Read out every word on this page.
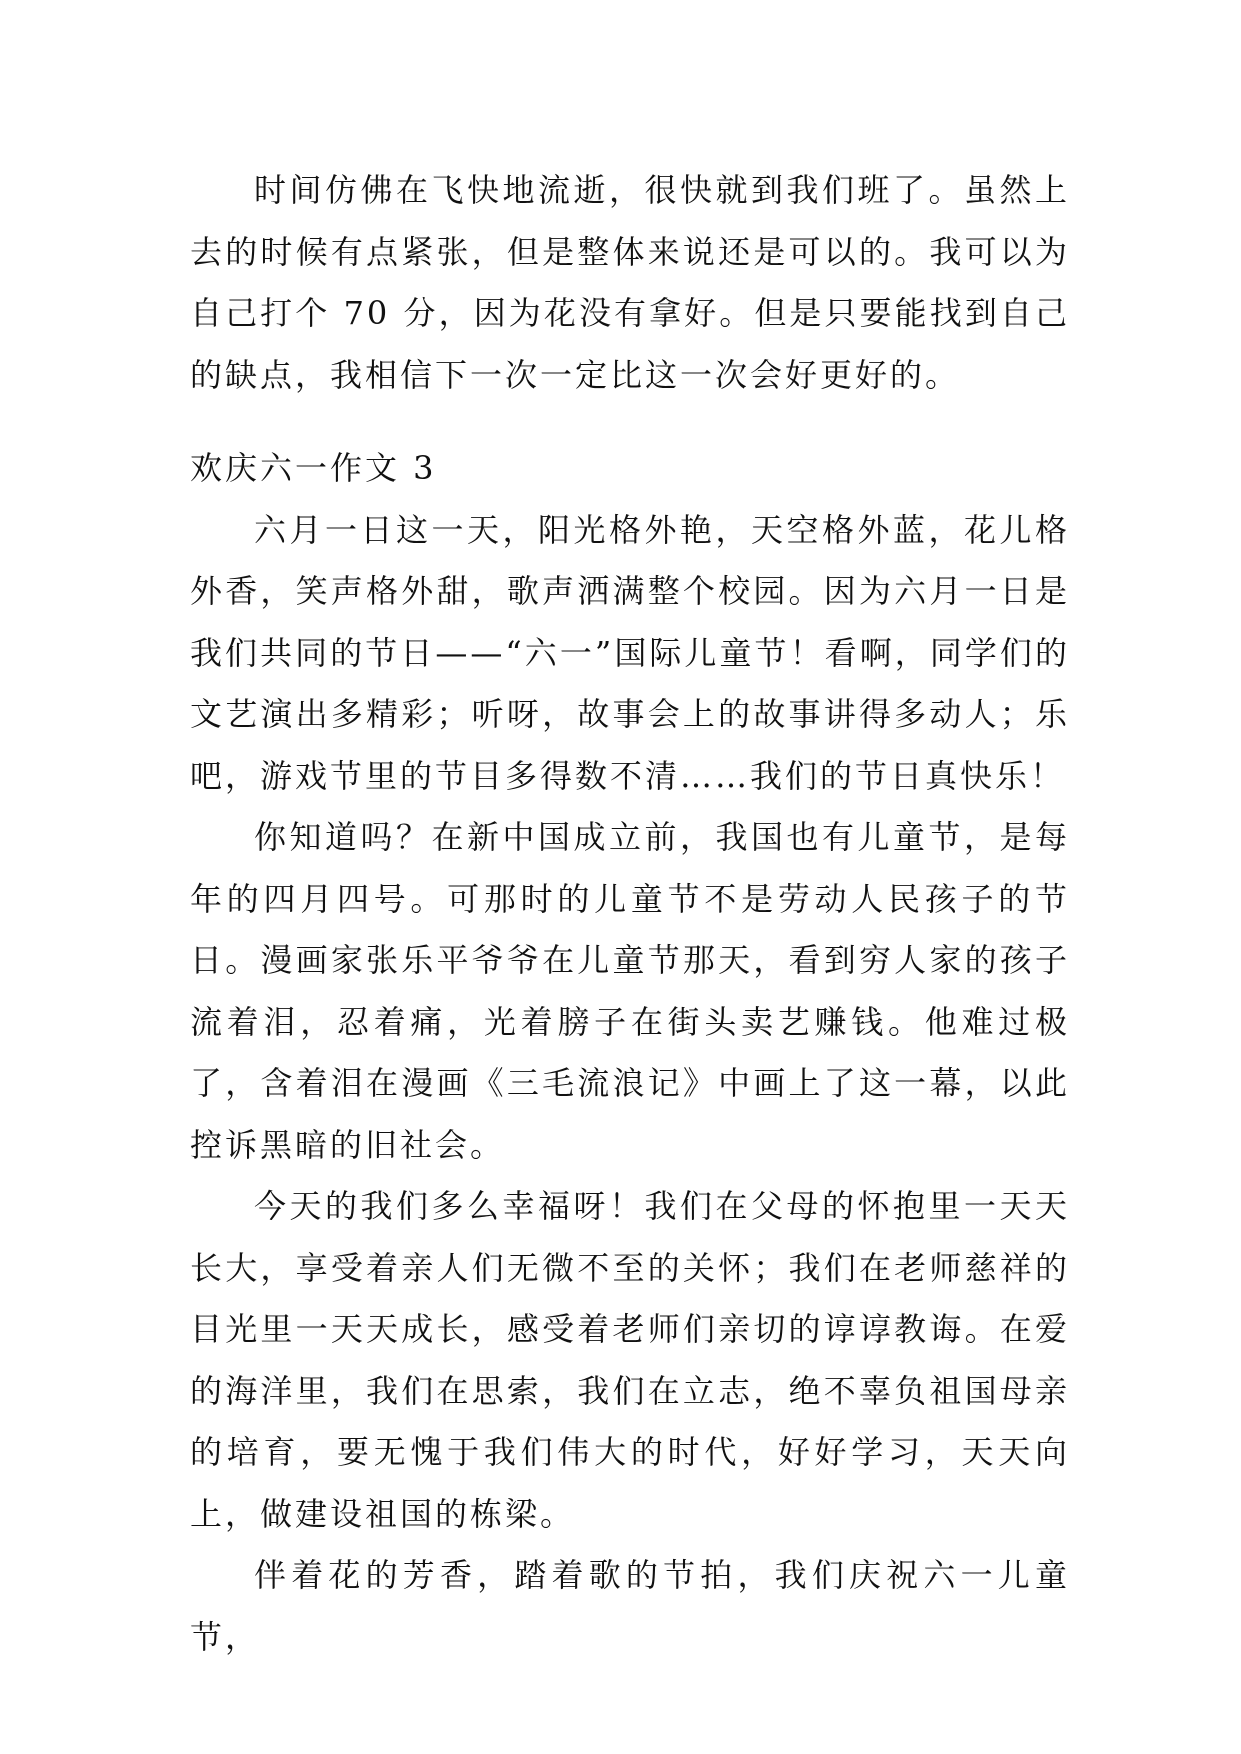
时间仿佛在飞快地流逝，很快就到我们班了。虽然上去的时候有点紧张，但是整体来说还是可以的。我可以为自己打个 70 分，因为花没有拿好。但是只要能找到自己的缺点，我相信下一次一定比这一次会好更好的。

欢庆六一作文 3

六月一日这一天，阳光格外艳，天空格外蓝，花儿格外香，笑声格外甜，歌声洒满整个校园。因为六月一日是我们共同的节日——“六一”国际儿童节！看啊，同学们的文艺演出多精彩；听呀，故事会上的故事讲得多动人；乐吧，游戏节里的节目多得数不清……我们的节日真快乐！

你知道吗？在新中国成立前，我国也有儿童节，是每年的四月四号。可那时的儿童节不是劳动人民孩子的节日。漫画家张乐平爷爷在儿童节那天，看到穷人家的孩子流着泪，忍着痛，光着膀子在街头卖艺赚钱。他难过极了，含着泪在漫画《三毛流浪记》中画上了这一幕，以此控诉黑暗的旧社会。

今天的我们多么幸福呀！我们在父母的怀抱里一天天长大，享受着亲人们无微不至的关怀；我们在老师慈祥的目光里一天天成长，感受着老师们亲切的谆谆教诲。在爱的海洋里，我们在思索，我们在立志，绝不辜负祖国母亲的培育，要无愧于我们伟大的时代，好好学习，天天向上，做建设祖国的栋梁。

伴着花的芳香，踏着歌的节拍，我们庆祝六一儿童节，
